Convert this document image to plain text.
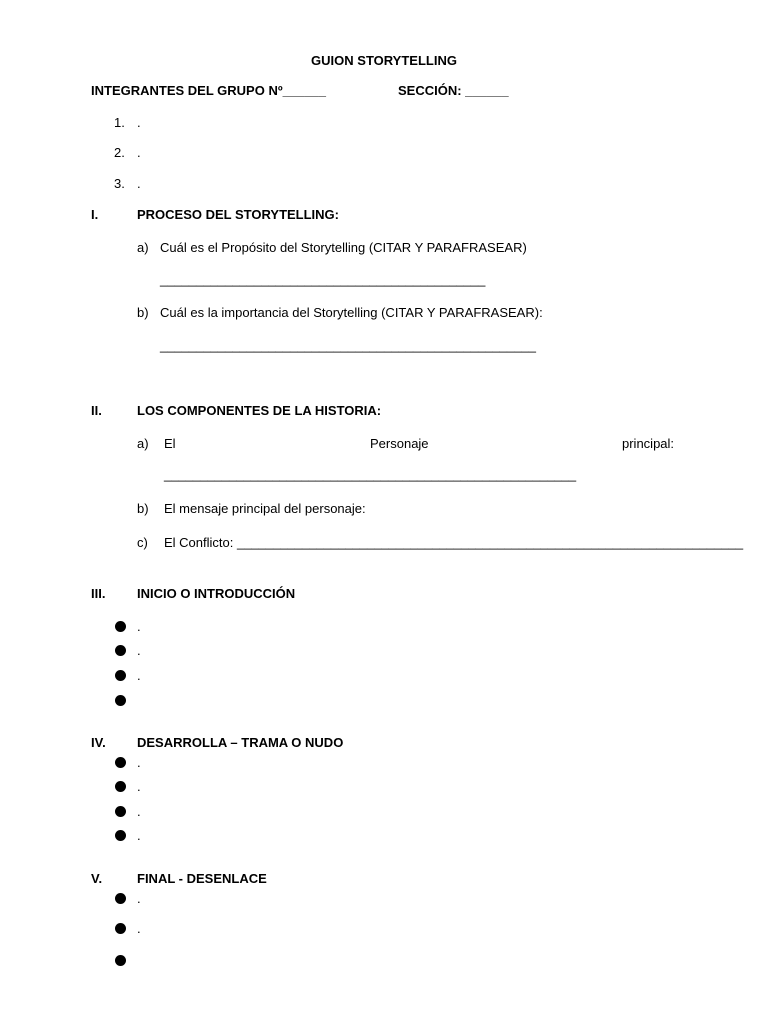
GUION STORYTELLING
INTEGRANTES DEL GRUPO Nº______	SECCIÓN: ______
1. .
2. .
3. .
I.	PROCESO DEL STORYTELLING:
a) Cuál es el Propósito del Storytelling (CITAR Y PARAFRASEAR)
_____________________________________________
b) Cuál es la importancia del Storytelling (CITAR Y PARAFRASEAR):
____________________________________________________
II.	LOS COMPONENTES DE LA HISTORIA:
a) El	Personaje	principal:
_________________________________________________________
b) El mensaje principal del personaje:
c) El Conflicto: ______________________________________________________________________
III. INICIO O INTRODUCCIÓN
.
.
.
IV. DESARROLLA – TRAMA O NUDO
.
.
.
.
V.	FINAL - DESENLACE
.
.
